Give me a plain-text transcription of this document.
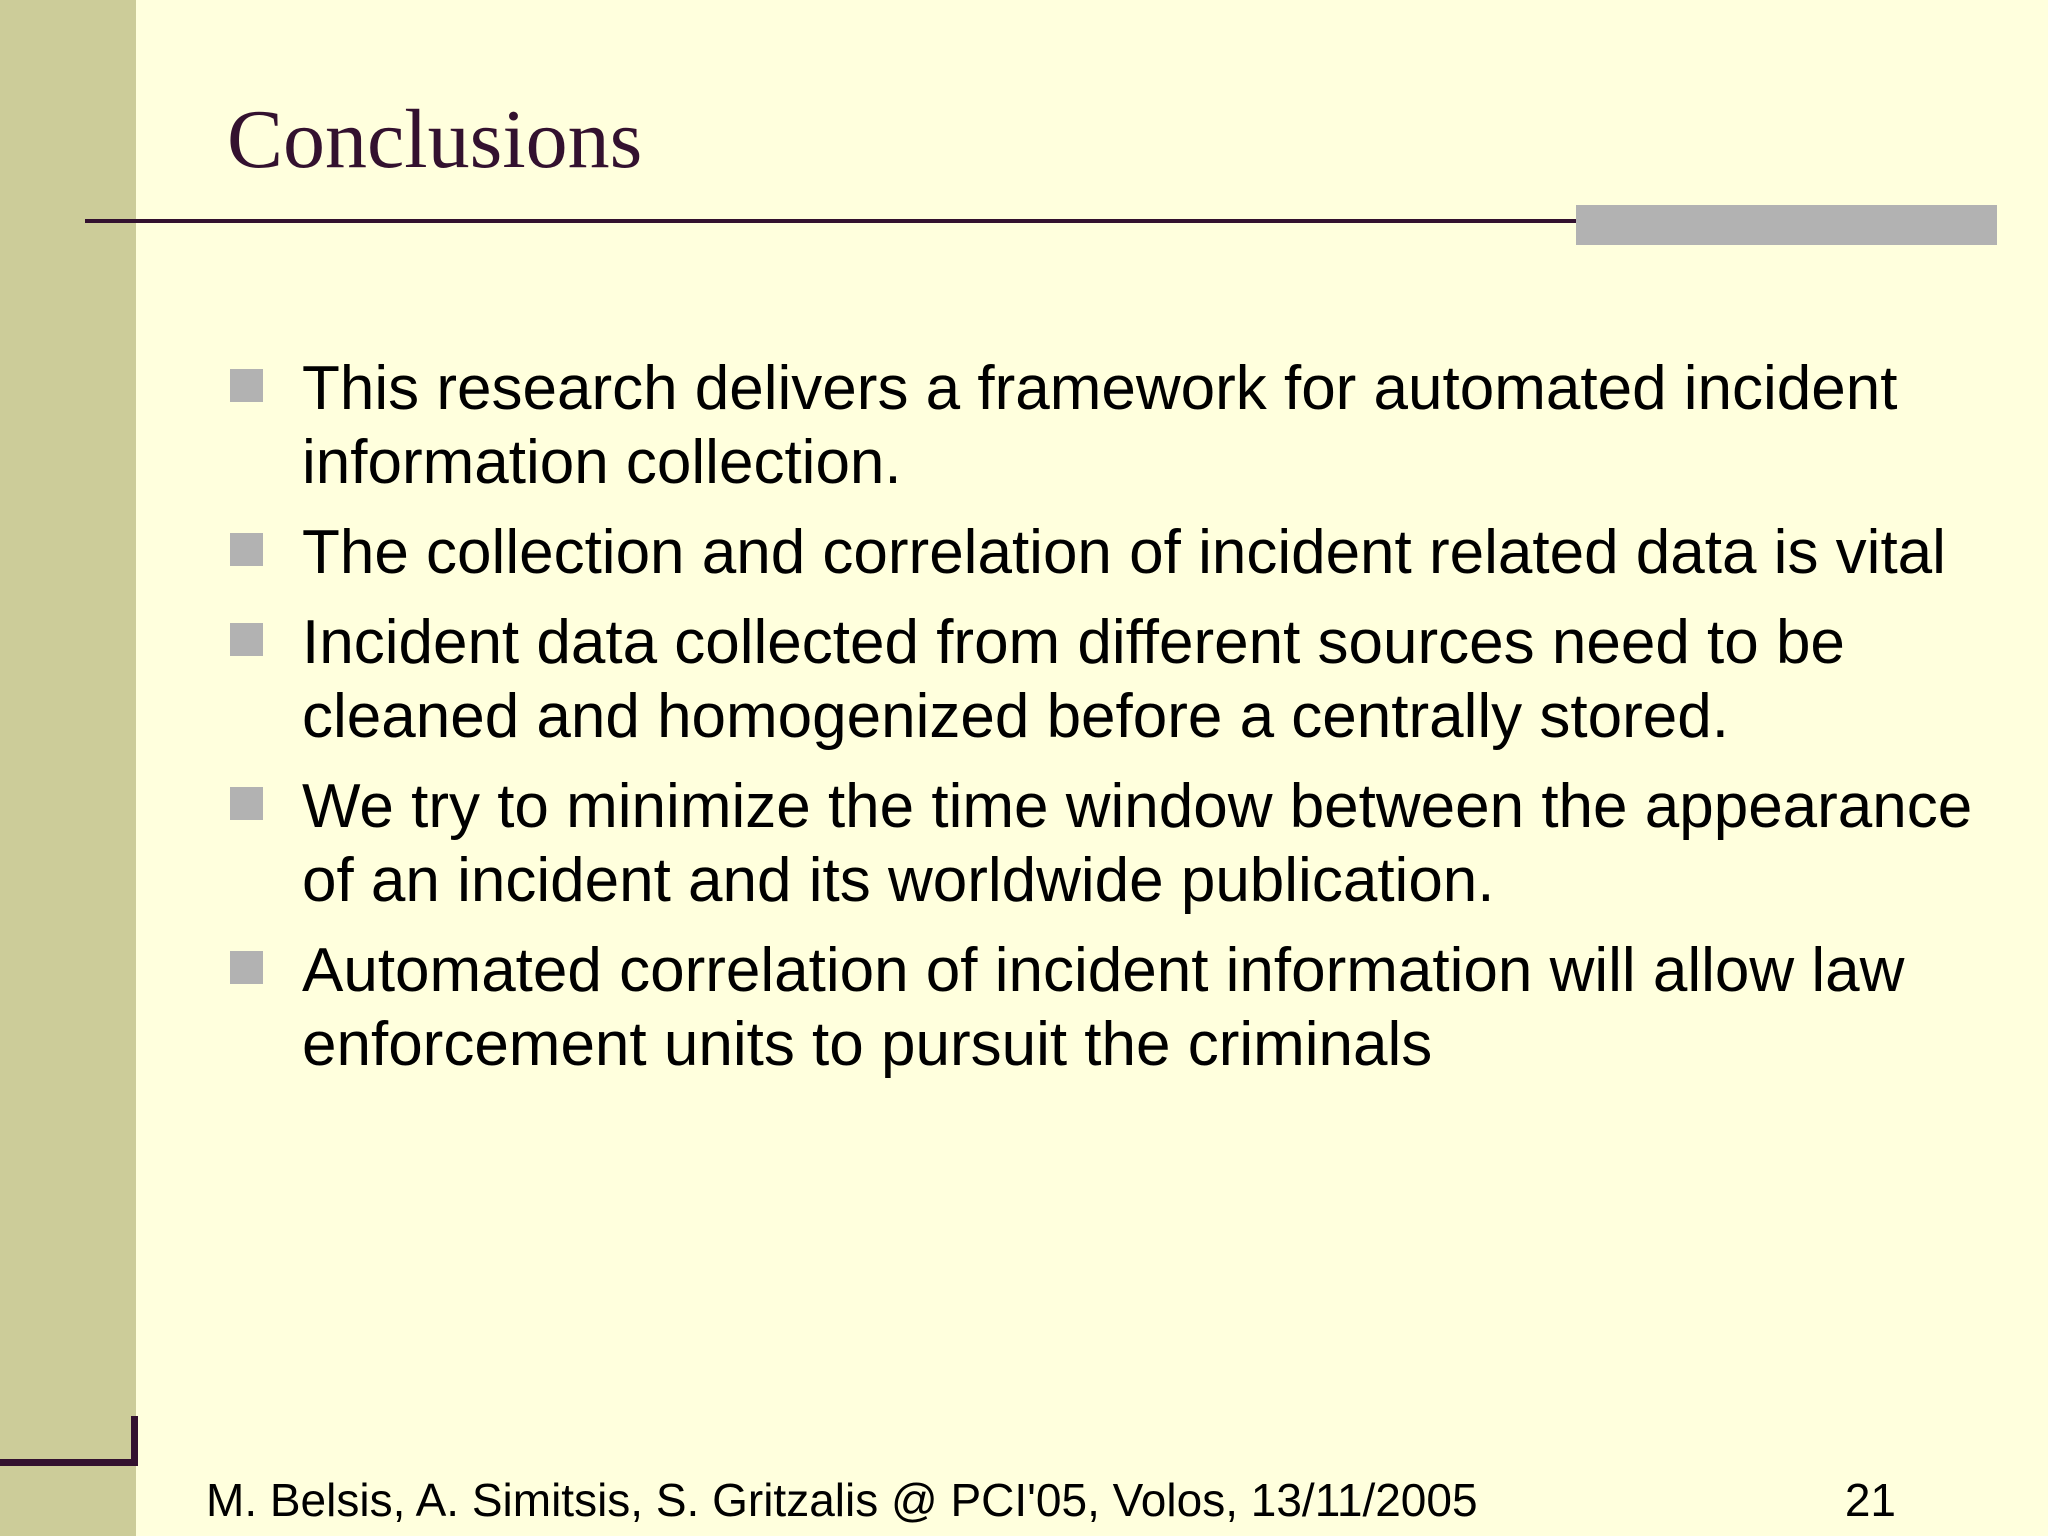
Conclusions
This research delivers a framework for automated incident information collection.
The collection and correlation of incident related data is vital
Incident data collected from different sources need to be cleaned and homogenized before a centrally stored.
We try to minimize the time window between the appearance of an incident and its worldwide publication.
Automated correlation of incident information will allow law enforcement units to pursuit the criminals
M. Belsis, A. Simitsis, S. Gritzalis @ PCI'05, Volos, 13/11/2005	21
